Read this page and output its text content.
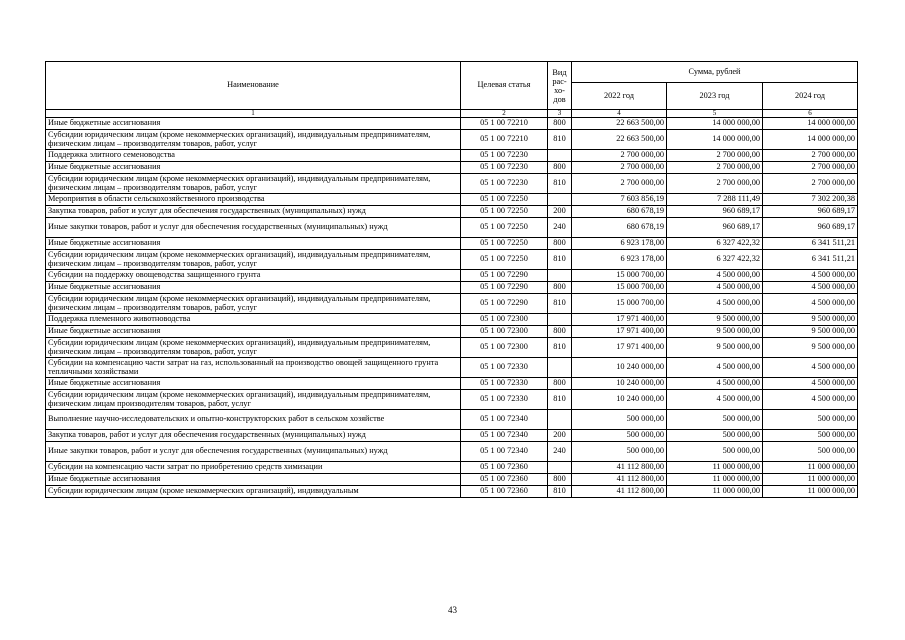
Наименование	Целевая статья	Вид рас-хо-дов	Сумма, рублей		
			2022 год	2023 год	2024 год
1	2	3	4	5	6
Иные бюджетные ассигнования	05 1 00 72210	800	22 663 500,00	14 000 000,00	14 000 000,00
Субсидии юридическим лицам (кроме некоммерческих организаций), индивидуальным предпринимателям, физическим лицам – производителям товаров, работ, услуг	05 1 00 72210	810	22 663 500,00	14 000 000,00	14 000 000,00
Поддержка элитного семеноводства	05 1 00 72230		2 700 000,00	2 700 000,00	2 700 000,00
Иные бюджетные ассигнования	05 1 00 72230	800	2 700 000,00	2 700 000,00	2 700 000,00
Субсидии юридическим лицам (кроме некоммерческих организаций), индивидуальным предпринимателям, физическим лицам – производителям товаров, работ, услуг	05 1 00 72230	810	2 700 000,00	2 700 000,00	2 700 000,00
Мероприятия в области сельскохозяйственного производства	05 1 00 72250		7 603 856,19	7 288 111,49	7 302 200,38
Закупка товаров, работ и услуг для обеспечения государственных (муниципальных) нужд	05 1 00 72250	200	680 678,19	960 689,17	960 689,17
Иные закупки товаров, работ и услуг для обеспечения государственных (муниципальных) нужд	05 1 00 72250	240	680 678,19	960 689,17	960 689,17
Иные бюджетные ассигнования	05 1 00 72250	800	6 923 178,00	6 327 422,32	6 341 511,21
Субсидии юридическим лицам (кроме некоммерческих организаций), индивидуальным предпринимателям, физическим лицам – производителям товаров, работ, услуг	05 1 00 72250	810	6 923 178,00	6 327 422,32	6 341 511,21
Субсидии на поддержку овощеводства защищенного грунта	05 1 00 72290		15 000 700,00	4 500 000,00	4 500 000,00
Иные бюджетные ассигнования	05 1 00 72290	800	15 000 700,00	4 500 000,00	4 500 000,00
Субсидии юридическим лицам (кроме некоммерческих организаций), индивидуальным предпринимателям, физическим лицам – производителям товаров, работ, услуг	05 1 00 72290	810	15 000 700,00	4 500 000,00	4 500 000,00
Поддержка племенного животноводства	05 1 00 72300		17 971 400,00	9 500 000,00	9 500 000,00
Иные бюджетные ассигнования	05 1 00 72300	800	17 971 400,00	9 500 000,00	9 500 000,00
Субсидии юридическим лицам (кроме некоммерческих организаций), индивидуальным предпринимателям, физическим лицам – производителям товаров, работ, услуг	05 1 00 72300	810	17 971 400,00	9 500 000,00	9 500 000,00
Субсидии на компенсацию части затрат на газ, использованный на производство овощей защищенного грунта тепличными хозяйствами	05 1 00 72330		10 240 000,00	4 500 000,00	4 500 000,00
Иные бюджетные ассигнования	05 1 00 72330	800	10 240 000,00	4 500 000,00	4 500 000,00
Субсидии юридическим лицам (кроме некоммерческих организаций), индивидуальным предпринимателям, физическим лицам производителям товаров, работ, услуг	05 1 00 72330	810	10 240 000,00	4 500 000,00	4 500 000,00
Выполнение научно-исследовательских и опытно-конструкторских работ в сельском хозяйстве	05 1 00 72340		500 000,00	500 000,00	500 000,00
Закупка товаров, работ и услуг для обеспечения государственных (муниципальных) нужд	05 1 00 72340	200	500 000,00	500 000,00	500 000,00
Иные закупки товаров, работ и услуг для обеспечения государственных (муниципальных) нужд	05 1 00 72340	240	500 000,00	500 000,00	500 000,00
Субсидии на компенсацию части затрат по приобретению средств химизации	05 1 00 72360		41 112 800,00	11 000 000,00	11 000 000,00
Иные бюджетные ассигнования	05 1 00 72360	800	41 112 800,00	11 000 000,00	11 000 000,00
Субсидии юридическим лицам (кроме некоммерческих организаций), индивидуальным	05 1 00 72360	810	41 112 800,00	11 000 000,00	11 000 000,00
43
